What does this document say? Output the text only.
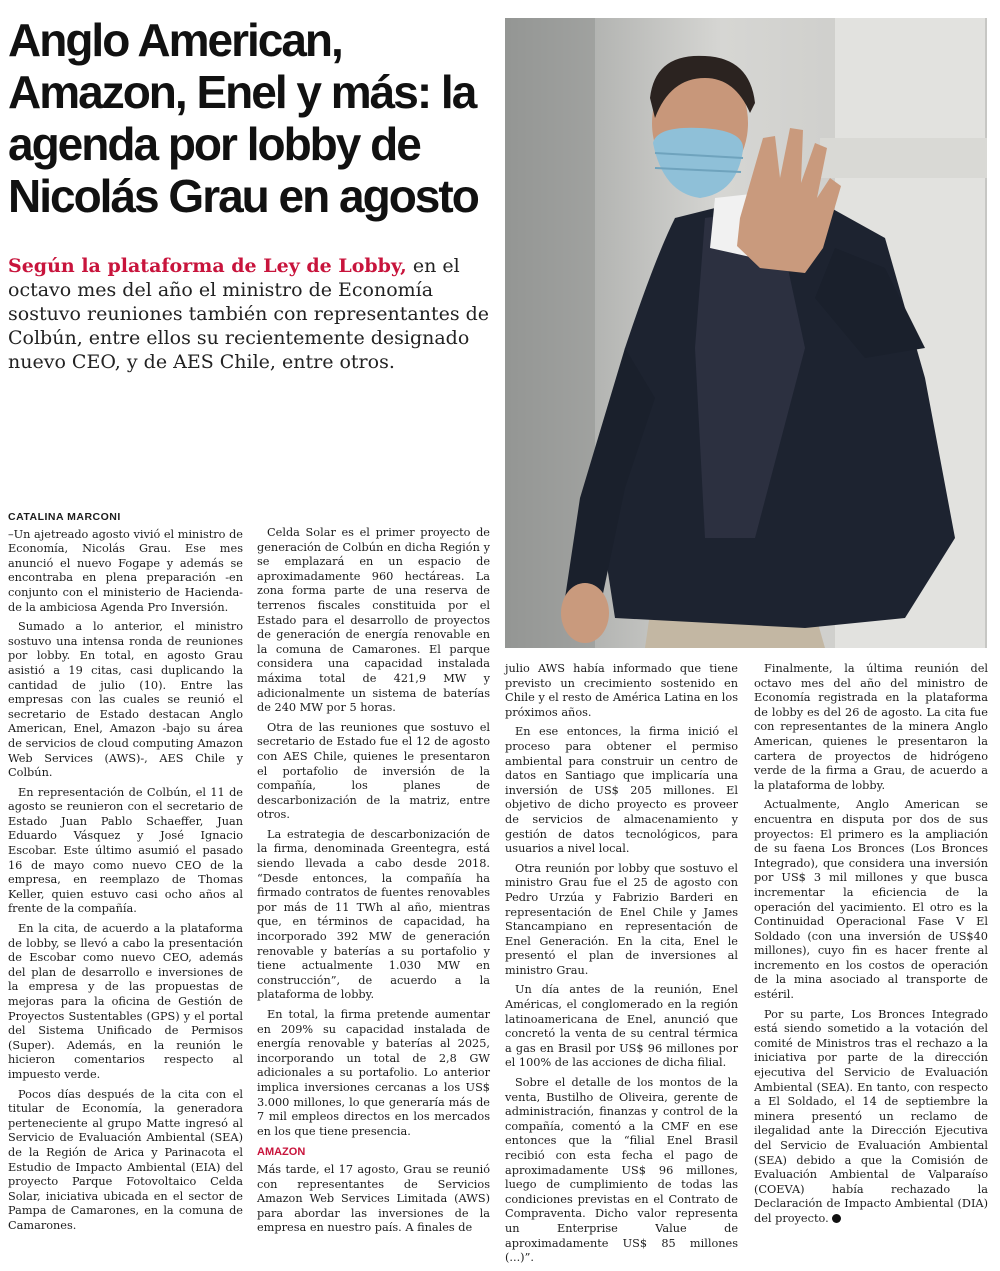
Anglo American, Amazon, Enel y más: la agenda por lobby de Nicolás Grau en agosto

Según la plataforma de Ley de Lobby, en el octavo mes del año el ministro de Economía sostuvo reuniones también con representantes de Colbún, entre ellos su recientemente designado nuevo CEO, y de AES Chile, entre otros.

CATALINA MARCONI

–Un ajetreado agosto vivió el ministro de Economía, Nicolás Grau. Ese mes anunció el nuevo Fogape y además se encontraba en plena preparación -en conjunto con el ministerio de Hacienda- de la ambiciosa Agenda Pro Inversión.

Sumado a lo anterior, el ministro sostuvo una intensa ronda de reuniones por lobby. En total, en agosto Grau asistió a 19 citas, casi duplicando la cantidad de julio (10). Entre las empresas con las cuales se reunió el secretario de Estado destacan Anglo American, Enel, Amazon -bajo su área de servicios de cloud computing Amazon Web Services (AWS)-, AES Chile y Colbún.

En representación de Colbún, el 11 de agosto se reunieron con el secretario de Estado Juan Pablo Schaeffer, Juan Eduardo Vásquez y José Ignacio Escobar. Este último asumió el pasado 16 de mayo como nuevo CEO de la empresa, en reemplazo de Thomas Keller, quien estuvo casi ocho años al frente de la compañía.

En la cita, de acuerdo a la plataforma de lobby, se llevó a cabo la presentación de Escobar como nuevo CEO, además del plan de desarrollo e inversiones de la empresa y de las propuestas de mejoras para la oficina de Gestión de Proyectos Sustentables (GPS) y el portal del Sistema Unificado de Permisos (Super). Además, en la reunión le hicieron comentarios respecto al impuesto verde.

Pocos días después de la cita con el titular de Economía, la generadora perteneciente al grupo Matte ingresó al Servicio de Evaluación Ambiental (SEA) de la Región de Arica y Parinacota el Estudio de Impacto Ambiental (EIA) del proyecto Parque Fotovoltaico Celda Solar, iniciativa ubicada en el sector de Pampa de Camarones, en la comuna de Camarones.

Celda Solar es el primer proyecto de generación de Colbún en dicha Región y se emplazará en un espacio de aproximadamente 960 hectáreas. La zona forma parte de una reserva de terrenos fiscales constituida por el Estado para el desarrollo de proyectos de generación de energía renovable en la comuna de Camarones. El parque considera una capacidad instalada máxima total de 421,9 MW y adicionalmente un sistema de baterías de 240 MW por 5 horas.

Otra de las reuniones que sostuvo el secretario de Estado fue el 12 de agosto con AES Chile, quienes le presentaron el portafolio de inversión de la compañía, los planes de descarbonización de la matriz, entre otros.

La estrategia de descarbonización de la firma, denominada Greentegra, está siendo llevada a cabo desde 2018. “Desde entonces, la compañía ha firmado contratos de fuentes renovables por más de 11 TWh al año, mientras que, en términos de capacidad, ha incorporado 392 MW de generación renovable y baterías a su portafolio y tiene actualmente 1.030 MW en construcción”, de acuerdo a la plataforma de lobby.

En total, la firma pretende aumentar en 209% su capacidad instalada de energía renovable y baterías al 2025, incorporando un total de 2,8 GW adicionales a su portafolio. Lo anterior implica inversiones cercanas a los US$ 3.000 millones, lo que generaría más de 7 mil empleos directos en los mercados en los que tiene presencia.

AMAZON

Más tarde, el 17 agosto, Grau se reunió con representantes de Servicios Amazon Web Services Limitada (AWS) para abordar las inversiones de la empresa en nuestro país. A finales de

julio AWS había informado que tiene previsto un crecimiento sostenido en Chile y el resto de América Latina en los próximos años.

En ese entonces, la firma inició el proceso para obtener el permiso ambiental para construir un centro de datos en Santiago que implicaría una inversión de US$ 205 millones. El objetivo de dicho proyecto es proveer de servicios de almacenamiento y gestión de datos tecnológicos, para usuarios a nivel local.

Otra reunión por lobby que sostuvo el ministro Grau fue el 25 de agosto con Pedro Urzúa y Fabrizio Barderi en representación de Enel Chile y James Stancampiano en representación de Enel Generación. En la cita, Enel le presentó el plan de inversiones al ministro Grau.

Un día antes de la reunión, Enel Américas, el conglomerado en la región latinoamericana de Enel, anunció que concretó la venta de su central térmica a gas en Brasil por US$ 96 millones por el 100% de las acciones de dicha filial.

Sobre el detalle de los montos de la venta, Bustilho de Oliveira, gerente de administración, finanzas y control de la compañía, comentó a la CMF en ese entonces que la “filial Enel Brasil recibió con esta fecha el pago de aproximadamente US$ 96 millones, luego de cumplimiento de todas las condiciones previstas en el Contrato de Compraventa. Dicho valor representa un Enterprise Value de aproximadamente US$ 85 millones (...)”.

Finalmente, la última reunión del octavo mes del año del ministro de Economía registrada en la plataforma de lobby es del 26 de agosto. La cita fue con representantes de la minera Anglo American, quienes le presentaron la cartera de proyectos de hidrógeno verde de la firma a Grau, de acuerdo a la plataforma de lobby.

Actualmente, Anglo American se encuentra en disputa por dos de sus proyectos: El primero es la ampliación de su faena Los Bronces (Los Bronces Integrado), que considera una inversión por US$ 3 mil millones y que busca incrementar la eficiencia de la operación del yacimiento. El otro es la Continuidad Operacional Fase V El Soldado (con una inversión de US$40 millones), cuyo fin es hacer frente al incremento en los costos de operación de la mina asociado al transporte de estéril.

Por su parte, Los Bronces Integrado está siendo sometido a la votación del comité de Ministros tras el rechazo a la iniciativa por parte de la dirección ejecutiva del Servicio de Evaluación Ambiental (SEA). En tanto, con respecto a El Soldado, el 14 de septiembre la minera presentó un reclamo de ilegalidad ante la Dirección Ejecutiva del Servicio de Evaluación Ambiental (SEA) debido a que la Comisión de Evaluación Ambiental de Valparaíso (COEVA) había rechazado la Declaración de Impacto Ambiental (DIA) del proyecto. P
